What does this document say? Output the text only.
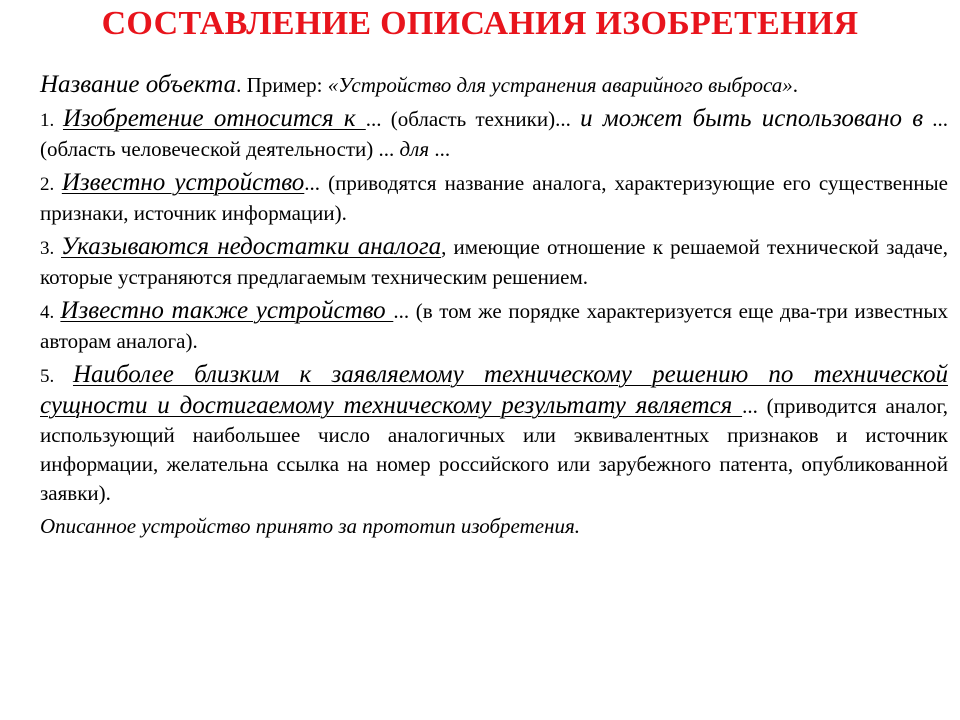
СОСТАВЛЕНИЕ ОПИСАНИЯ ИЗОБРЕТЕНИЯ

Название объекта. Пример: «Устройство для устранения аварийного выброса».

1. Изобретение относится к ... (область техники)... и может быть использовано в ... (область человеческой деятельности) ... для ...

2. Известно устройство... (приводятся название аналога, характеризующие его существенные признаки, источник информации).

3. Указываются недостатки аналога, имеющие отношение к решаемой технической задаче, которые устраняются предлагаемым техническим решением.

4. Известно также устройство ... (в том же порядке характеризуется еще два-три известных авторам аналога).

5. Наиболее близким к заявляемому техническому решению по технической сущности и достигаемому техническому результату является ... (приводится аналог, использующий наибольшее число аналогичных или эквивалентных признаков и источник информации, желательна ссылка на номер российского или зарубежного патента, опубликованной заявки).

Описанное устройство принято за прототип изобретения.
